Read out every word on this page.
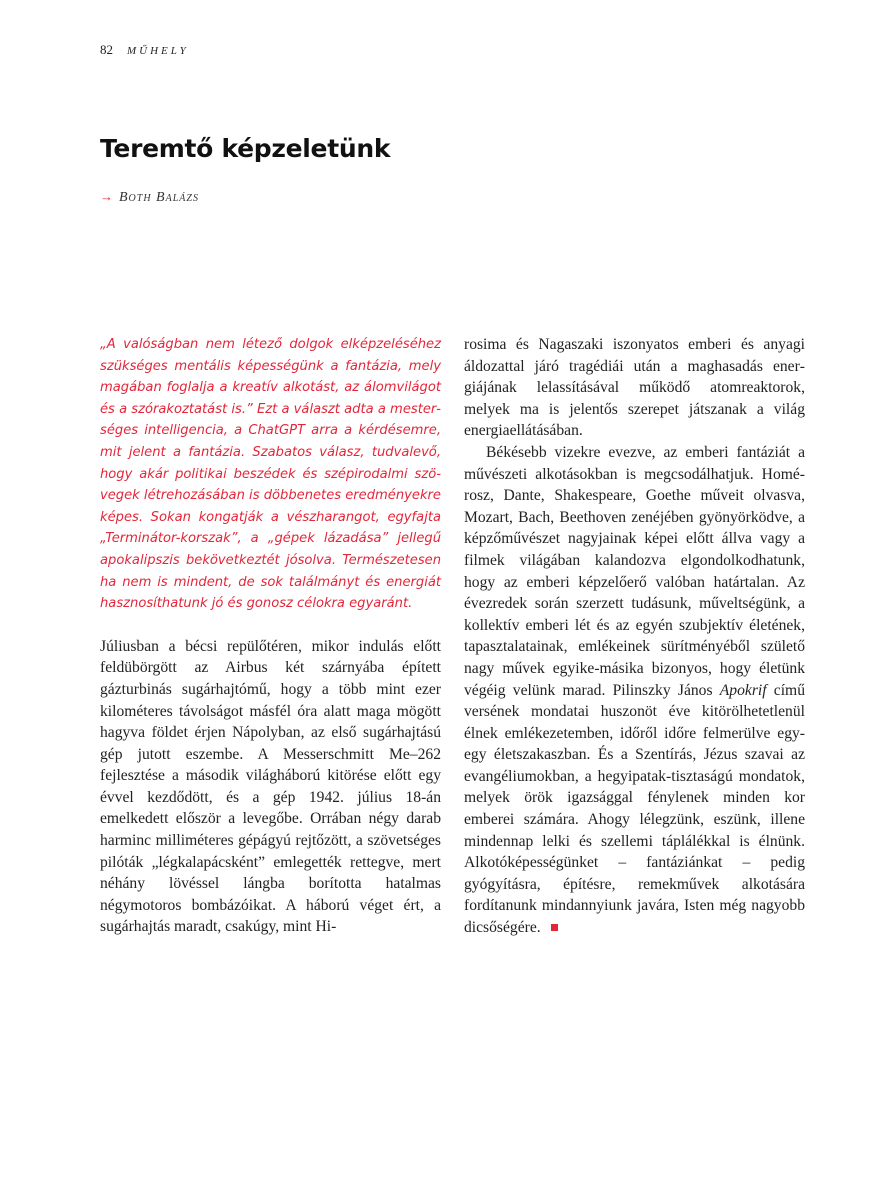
82 MŰHELY
Teremtő képzeletünk
→ Both Balázs

„A valóságban nem létező dolgok elképzeléséhez szükséges mentális képességünk a fantázia, mely magában foglalja a kreatív alkotást, az álomvilágot és a szórakoztatást is.” Ezt a választ adta a mesterséges intelligencia, a ChatGPT arra a kérdésemre, mit jelent a fantázia. Szabatos válasz, tudvalevő, hogy akár politikai beszédek és szépirodalmi szövegek létrehozásában is döbbenetes eredményekre képes. Sokan kongatják a vészharangot, egyfajta „Terminátor-korszak”, a „gépek lázadása” jellegű apokalipszis bekövetkeztét jósolva. Természetesen ha nem is mindent, de sok találmányt és energiát hasznosíthatunk jó és gonosz célokra egyaránt.

Júliusban a bécsi repülőtéren, mikor indulás előtt feldübörgött az Airbus két szárnyába épített gázturbinás sugárhajtómű, hogy a több mint ezer kilométeres távolságot másfél óra alatt maga mögött hagyva földet érjen Nápolyban, az első sugárhajtású gép jutott eszembe. A Messerschmitt Me–262 fejlesztése a második világháború kitörése előtt egy évvel kezdődött, és a gép 1942. július 18-án emelkedett először a levegőbe. Orrában négy darab harminc milliméteres gépágyú rejtőzött, a szövetséges pilóták „légkalapácsként” emlegették rettegve, mert néhány lövéssel lángba borította hatalmas négymotoros bombázóikat. A háború véget ért, a sugárhajtás maradt, csakúgy, mint Hi-

rosima és Nagaszaki iszonyatos emberi és anyagi áldozattal járó tragédiái után a maghasadás energiájának lelassításával működő atomreaktorok, melyek ma is jelentős szerepet játszanak a világ energiaellátásában.

Békésebb vizekre evezve, az emberi fantáziát a művészeti alkotásokban is megcsodálhatjuk. Homérosz, Dante, Shakespeare, Goethe műveit olvasva, Mozart, Bach, Beethoven zenéjében gyönyörködve, a képzőművészet nagyjainak képei előtt állva vagy a filmek világában kalandozva elgondolkodhatunk, hogy az emberi képzelőerő valóban határtalan. Az évezredek során szerzett tudásunk, műveltségünk, a kollektív emberi lét és az egyén szubjektív életének, tapasztalatainak, emlékeinek sürítményéből születő nagy művek egyike-másika bizonyos, hogy életünk végéig velünk marad. Pilinszky János Apokrif című versének mondatai huszonöt éve kitörölhetetlenül élnek emlékezetemben, időről időre felmerülve egy-egy életszakaszban. És a Szentírás, Jézus szavai az evangéliumokban, a hegyipatak-tisztaságú mondatok, melyek örök igazsággal fénylenek minden kor emberei számára. Ahogy lélegzünk, eszünk, illene mindennap lelki és szellemi táplálékkal is élnünk. Alkotóképességünket – fantáziánkat – pedig gyógyításra, építésre, remekművek alkotására fordítanunk mindannyiunk javára, Isten még nagyobb dicsőségére.
